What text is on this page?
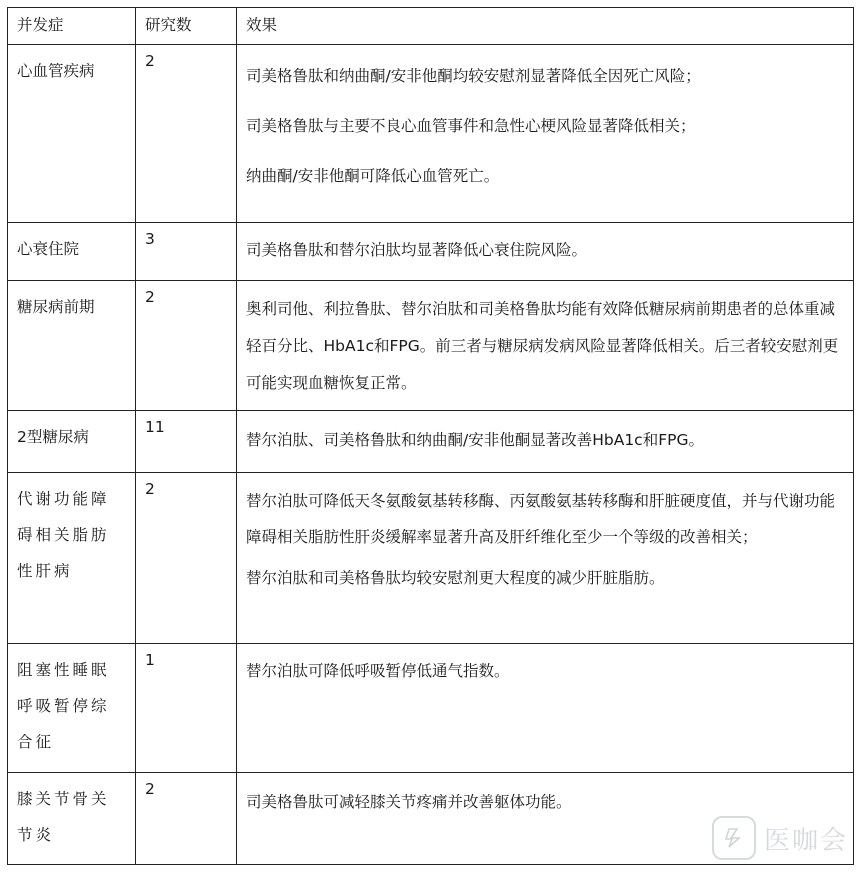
并发症	研究数	效果

心血管疾病	2	司美格鲁肽和纳曲酮/安非他酮均较安慰剂显著降低全因死亡风险；

司美格鲁肽与主要不良心血管事件和急性心梗风险显著降低相关；

纳曲酮/安非他酮可降低心血管死亡。

心衰住院	3	司美格鲁肽和替尔泊肽均显著降低心衰住院风险。

糖尿病前期	2	奥利司他、利拉鲁肽、替尔泊肽和司美格鲁肽均能有效降低糖尿病前期患者的总体重减轻百分比、HbA1c和FPG。前三者与糖尿病发病风险显著降低相关。后三者较安慰剂更可能实现血糖恢复正常。

2型糖尿病	11	替尔泊肽、司美格鲁肽和纳曲酮/安非他酮显著改善HbA1c和FPG。

代谢功能障碍相关脂肪性肝病	2	替尔泊肽可降低天冬氨酸氨基转移酶、丙氨酸氨基转移酶和肝脏硬度值，并与代谢功能障碍相关脂肪性肝炎缓解率显著升高及肝纤维化至少一个等级的改善相关；

替尔泊肽和司美格鲁肽均较安慰剂更大程度的减少肝脏脂肪。

阻塞性睡眠呼吸暂停综合征	1	替尔泊肽可降低呼吸暂停低通气指数。

膝关节骨关节炎	2	司美格鲁肽可减轻膝关节疼痛并改善躯体功能。

医咖会
